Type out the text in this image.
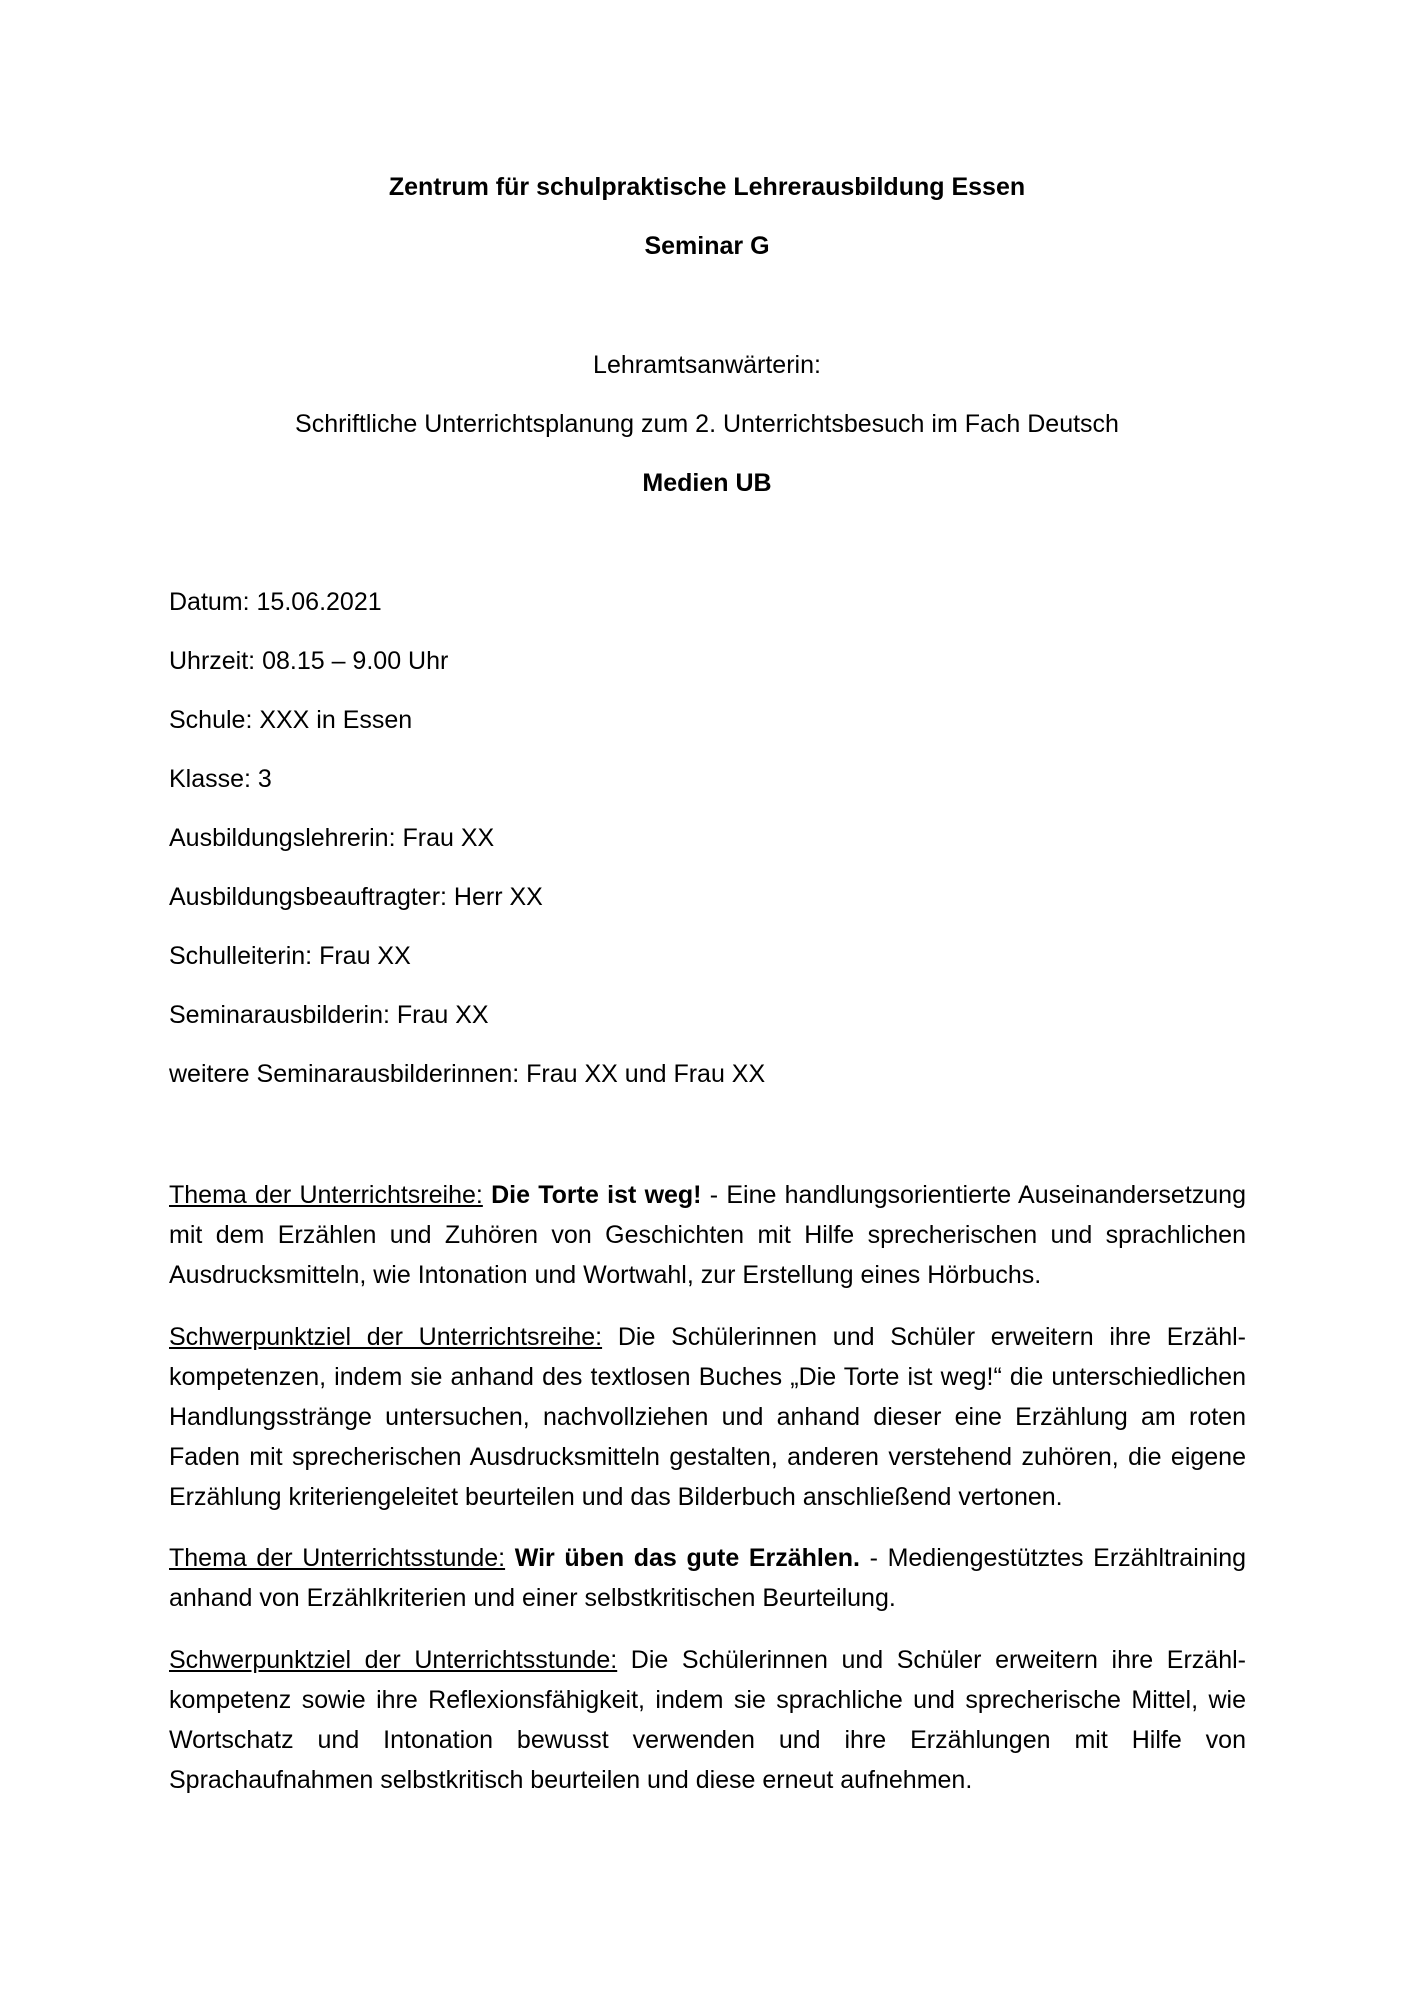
Zentrum für schulpraktische Lehrerausbildung Essen
Seminar G
Lehramtsanwärterin:
Schriftliche Unterrichtsplanung zum 2. Unterrichtsbesuch im Fach Deutsch
Medien UB
Datum: 15.06.2021
Uhrzeit: 08.15 – 9.00 Uhr
Schule: XXX in Essen
Klasse: 3
Ausbildungslehrerin: Frau XX
Ausbildungsbeauftragter: Herr XX
Schulleiterin: Frau XX
Seminarausbilderin: Frau XX
weitere Seminarausbilderinnen: Frau XX und Frau XX
Thema der Unterrichtsreihe: Die Torte ist weg! - Eine handlungsorientierte Auseinandersetzung mit dem Erzählen und Zuhören von Geschichten mit Hilfe sprecherischen und sprachlichen Ausdrucksmitteln, wie Intonation und Wortwahl, zur Erstellung eines Hörbuchs.
Schwerpunktziel der Unterrichtsreihe: Die Schülerinnen und Schüler erweitern ihre Erzählkompetenzen, indem sie anhand des textlosen Buches „Die Torte ist weg!“ die unterschiedlichen Handlungsstränge untersuchen, nachvollziehen und anhand dieser eine Erzählung am roten Faden mit sprecherischen Ausdrucksmitteln gestalten, anderen verstehend zuhören, die eigene Erzählung kriteriengeleitet beurteilen und das Bilderbuch anschließend vertonen.
Thema der Unterrichtsstunde: Wir üben das gute Erzählen. - Mediengestütztes Erzähltraining anhand von Erzählkriterien und einer selbstkritischen Beurteilung.
Schwerpunktziel der Unterrichtsstunde: Die Schülerinnen und Schüler erweitern ihre Erzählkompetenz sowie ihre Reflexionsfähigkeit, indem sie sprachliche und sprecherische Mittel, wie Wortschatz und Intonation bewusst verwenden und ihre Erzählungen mit Hilfe von Sprachaufnahmen selbstkritisch beurteilen und diese erneut aufnehmen.
